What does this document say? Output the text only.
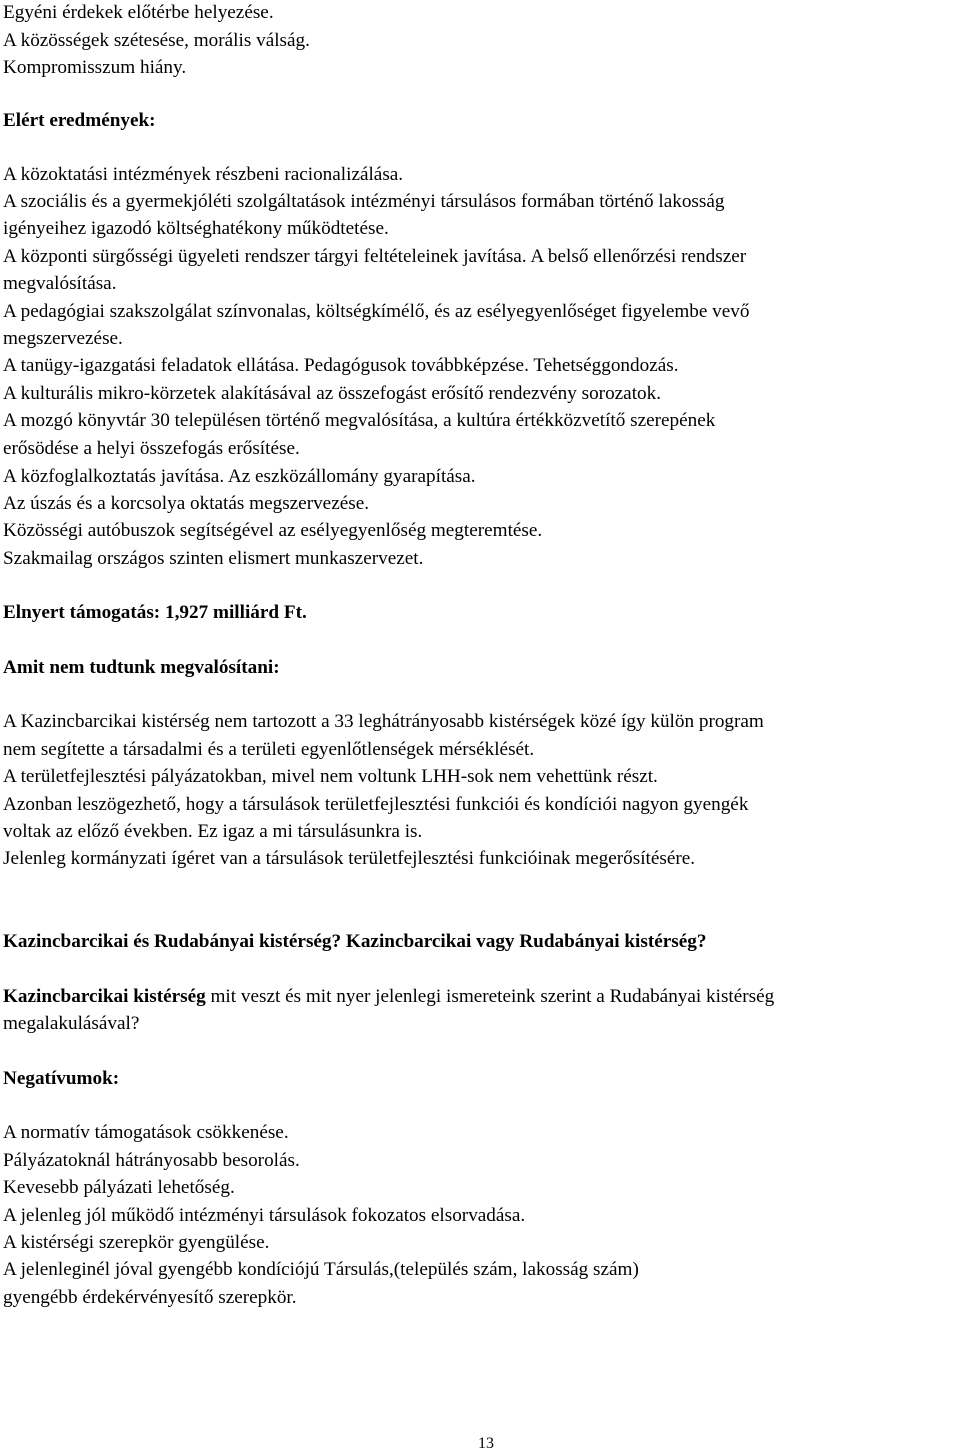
Egyéni érdekek előtérbe helyezése.
A közösségek szétesése, morális válság.
Kompromisszum hiány.
Elért eredmények:
A közoktatási intézmények részbeni racionalizálása.
A szociális és a gyermekjóléti szolgáltatások intézményi társulásos formában történő lakosság
igényeihez igazodó költséghatékony működtetése.
A központi sürgősségi ügyeleti rendszer tárgyi feltételeinek javítása. A belső ellenőrzési rendszer
megvalósítása.
A pedagógiai szakszolgálat színvonalas, költségkímélő, és az esélyegyenlőséget figyelembe vevő
megszervezése.
A tanügy-igazgatási feladatok ellátása. Pedagógusok továbbképzése. Tehetséggondozás.
A kulturális mikro-körzetek alakításával az összefogást erősítő rendezvény sorozatok.
A mozgó könyvtár 30 településen történő megvalósítása, a kultúra értékközvetítő szerepének
erősödése a helyi összefogás erősítése.
A közfoglalkoztatás javítása. Az eszközállomány gyarapítása.
Az úszás és a korcsolya oktatás megszervezése.
Közösségi autóbuszok segítségével az esélyegyenlőség megteremtése.
Szakmailag országos szinten elismert munkaszervezet.
Elnyert támogatás: 1,927 milliárd Ft.
Amit nem tudtunk megvalósítani:
A Kazincbarcikai kistérség nem tartozott a 33 leghátrányosabb kistérségek közé így külön program
nem segítette a társadalmi és a területi egyenlőtlenségek mérséklését.
A területfejlesztési pályázatokban, mivel nem voltunk LHH-sok nem vehettünk részt.
Azonban leszögezhető, hogy a társulások területfejlesztési funkciói és kondíciói nagyon gyengék
voltak az előző években. Ez igaz a mi társulásunkra is.
Jelenleg kormányzati ígéret van a társulások területfejlesztési funkcióinak megerősítésére.
Kazincbarcikai és Rudabányai kistérség? Kazincbarcikai vagy Rudabányai kistérség?
Kazincbarcikai kistérség mit veszt és mit nyer jelenlegi ismereteink szerint a Rudabányai kistérség
megalakulásával?
Negatívumok:
A normatív támogatások csökkenése.
Pályázatoknál hátrányosabb besorolás.
Kevesebb pályázati lehetőség.
A jelenleg jól működő intézményi társulások fokozatos elsorvadása.
A kistérségi szerepkör gyengülése.
A jelenleginél jóval gyengébb kondíciójú Társulás,(település szám, lakosság szám)
gyengébb érdekérvényesítő szerepkör.
13
